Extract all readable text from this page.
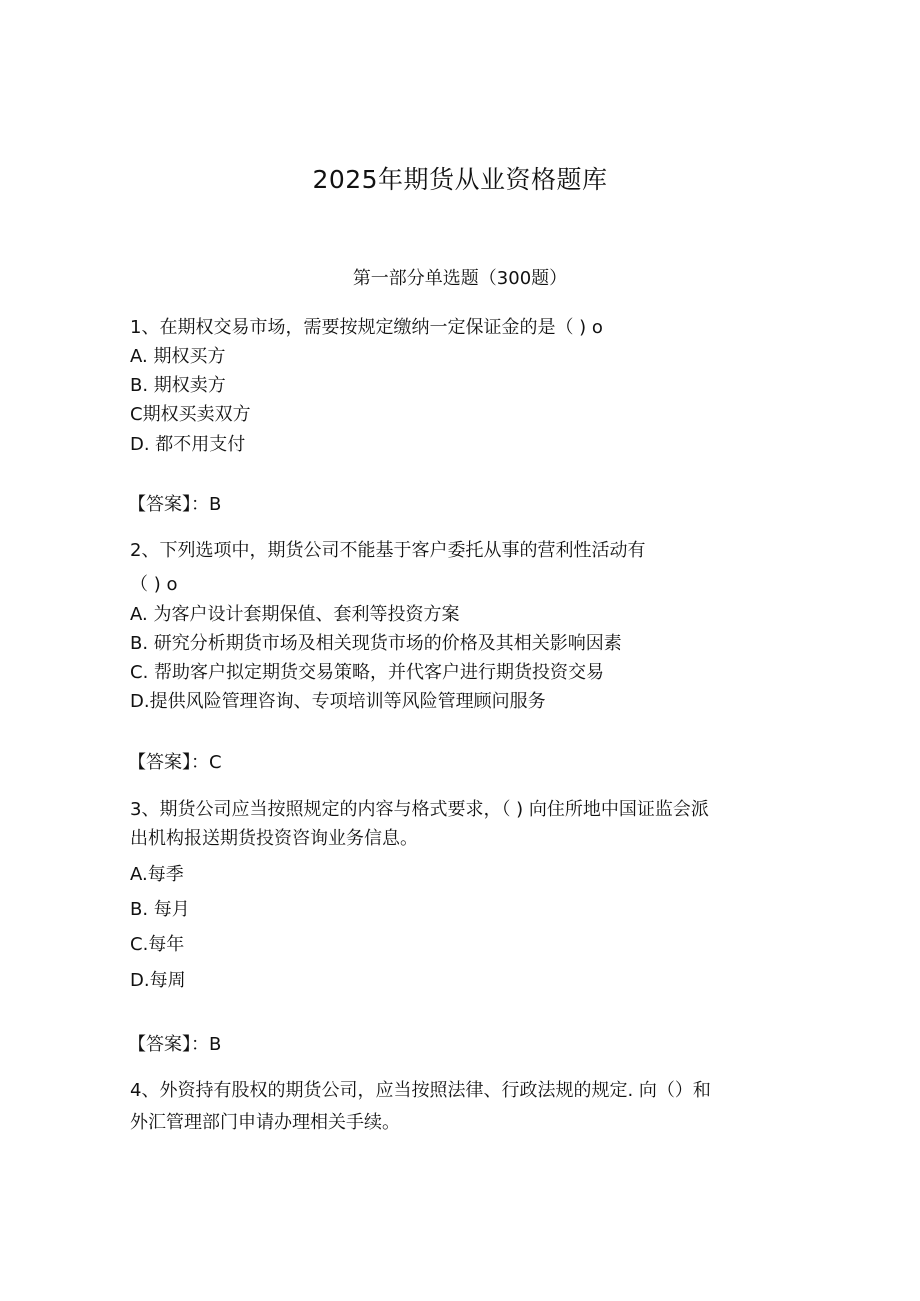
2025年期货从业资格题库
第一部分单选题（300题）
1、在期权交易市场，需要按规定缴纳一定保证金的是（ ) o
A. 期权买方
B. 期权卖方
C期权买卖双方
D. 都不用支付
【答案】：B
2、下列选项中，期货公司不能基于客户委托从事的营利性活动有
（ ) o
A. 为客户设计套期保值、套利等投资方案
B. 研究分析期货市场及相关现货市场的价格及其相关影响因素
C. 帮助客户拟定期货交易策略，并代客户进行期货投资交易
D.提供风险管理咨询、专项培训等风险管理顾问服务
【答案】：C
3、期货公司应当按照规定的内容与格式要求，（ ) 向住所地中国证监会派
出机构报送期货投资咨询业务信息。
A.每季
B. 每月
C.每年
D.每周
【答案】：B
4、外资持有股权的期货公司，应当按照法律、行政法规的规定. 向（）和
外汇管理部门申请办理相关手续。
